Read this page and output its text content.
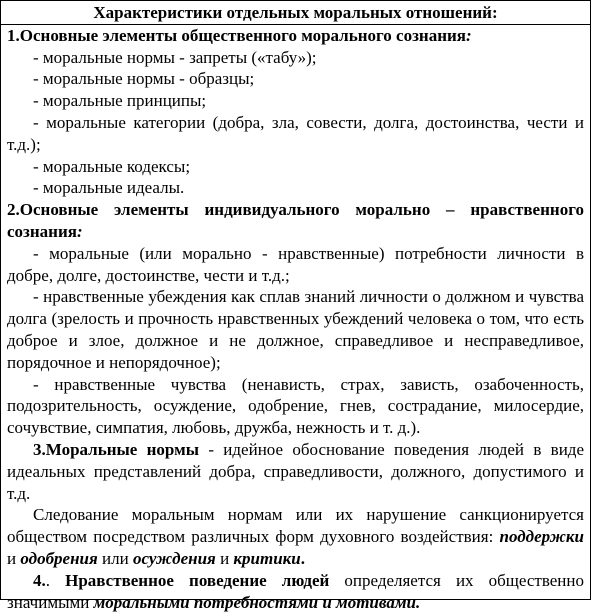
Характеристики отдельных моральных отношений:

1.Основные элементы общественного морального сознания:

- моральные нормы - запреты («табу»);

- моральные нормы - образцы;

- моральные принципы;

- моральные категории (добра, зла, совести, долга, достоинства, чести и т.д.);

- моральные кодексы;

- моральные идеалы.

2.Основные элементы индивидуального морально – нравственного сознания:

- моральные (или морально - нравственные) потребности личности в добре, долге, достоинстве, чести и т.д.;

- нравственные убеждения как сплав знаний личности о должном и чувства долга (зрелость и прочность нравственных убеждений человека о том, что есть доброе и злое, должное и не должное, справедливое и несправедливое, порядочное и непорядочное);

- нравственные чувства (ненависть, страх, зависть, озабоченность, подозрительность, осуждение, одобрение, гнев, сострадание, милосердие, сочувствие, симпатия, любовь, дружба, нежность и т. д.).

3.Моральные нормы - идейное обоснование поведения людей в виде идеальных представлений добра, справедливости, должного, допустимого и т.д.

Следование моральным нормам или их нарушение санкционируется обществом посредством различных форм духовного воздействия: поддержки и одобрения или осуждения и критики.

4.. Нравственное поведение людей определяется их общественно значимыми моральными потребностями и мотивами.
